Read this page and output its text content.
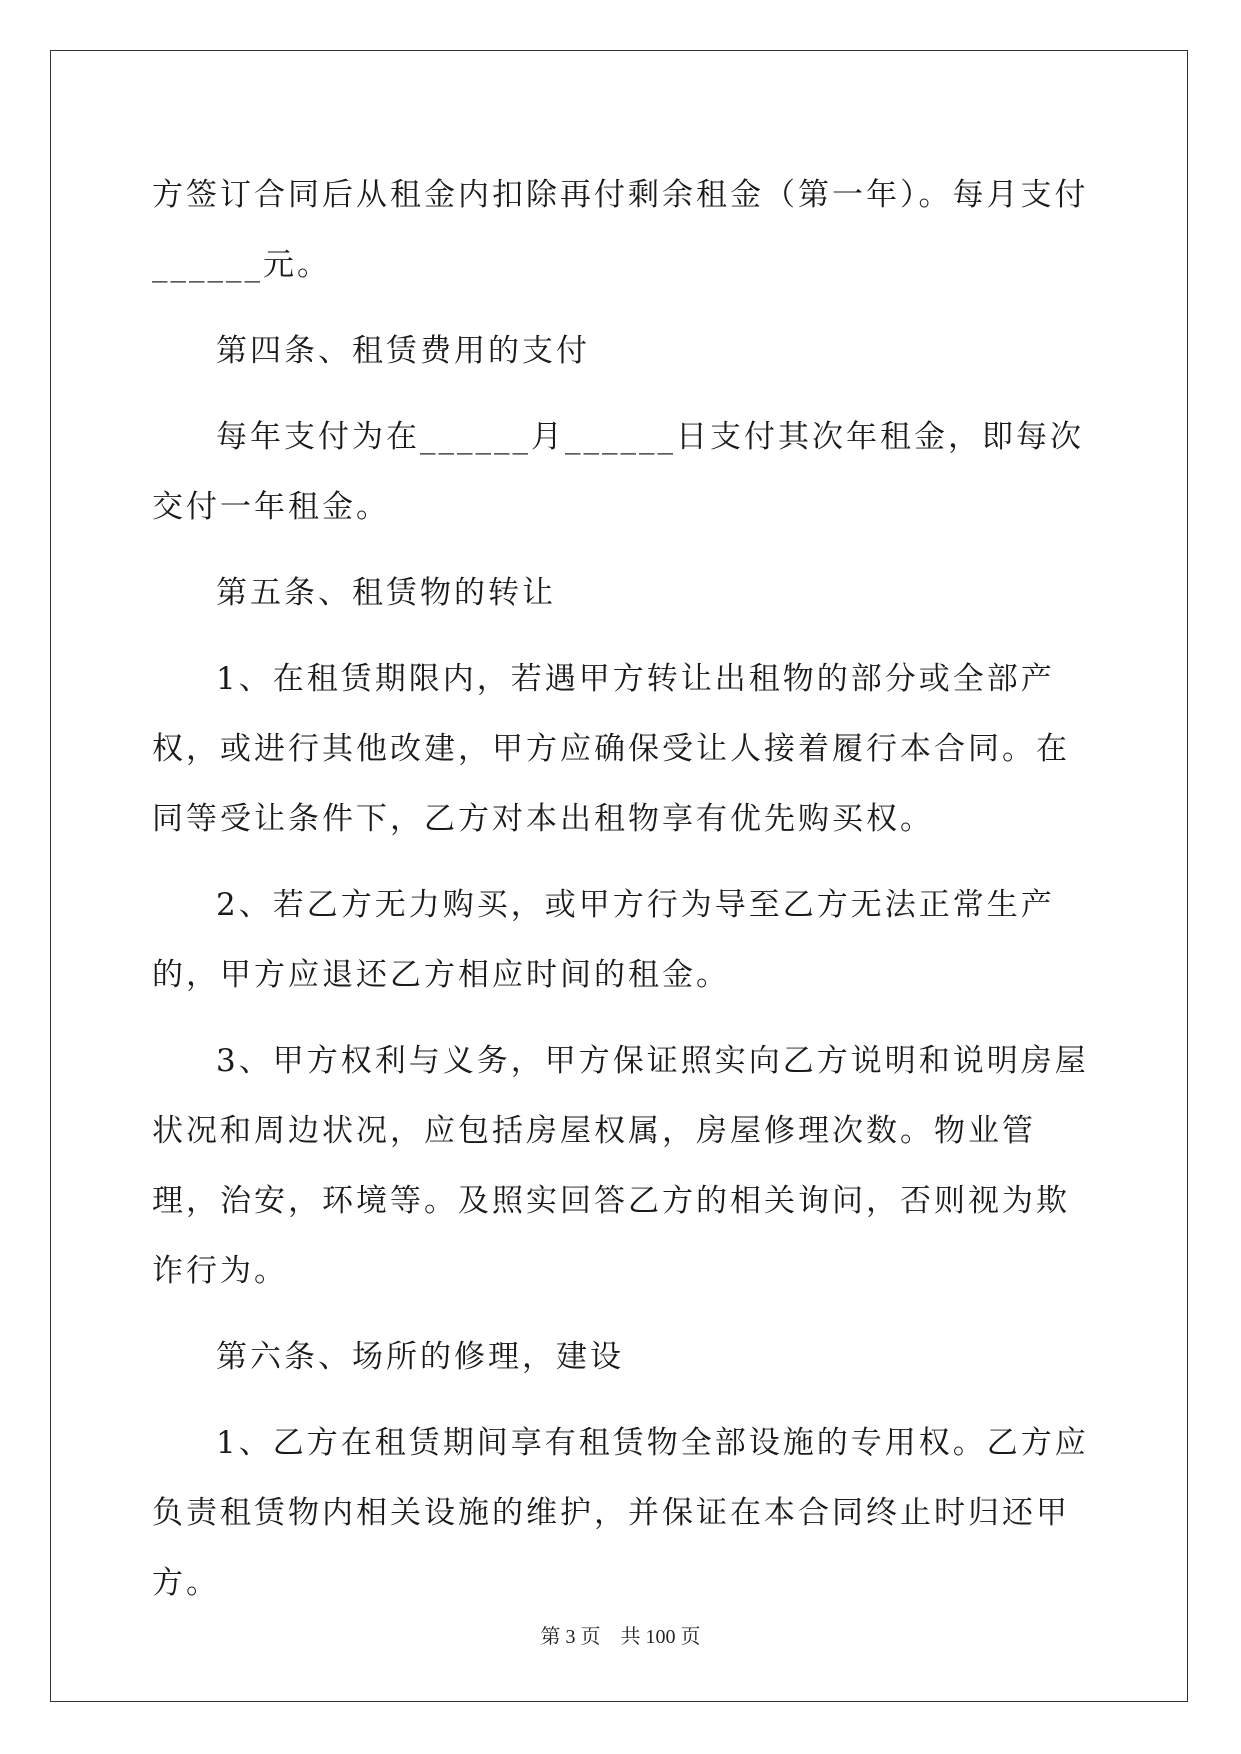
方签订合同后从租金内扣除再付剩余租金（第一年）。每月支付______元。

第四条、租赁费用的支付

每年支付为在______月______日支付其次年租金，即每次交付一年租金。

第五条、租赁物的转让

1、在租赁期限内，若遇甲方转让出租物的部分或全部产权，或进行其他改建，甲方应确保受让人接着履行本合同。在同等受让条件下，乙方对本出租物享有优先购买权。

2、若乙方无力购买，或甲方行为导至乙方无法正常生产的，甲方应退还乙方相应时间的租金。

3、甲方权利与义务，甲方保证照实向乙方说明和说明房屋状况和周边状况，应包括房屋权属，房屋修理次数。物业管理，治安，环境等。及照实回答乙方的相关询问，否则视为欺诈行为。

第六条、场所的修理，建设

1、乙方在租赁期间享有租赁物全部设施的专用权。乙方应负责租赁物内相关设施的维护，并保证在本合同终止时归还甲方。

第 3 页　共 100 页
